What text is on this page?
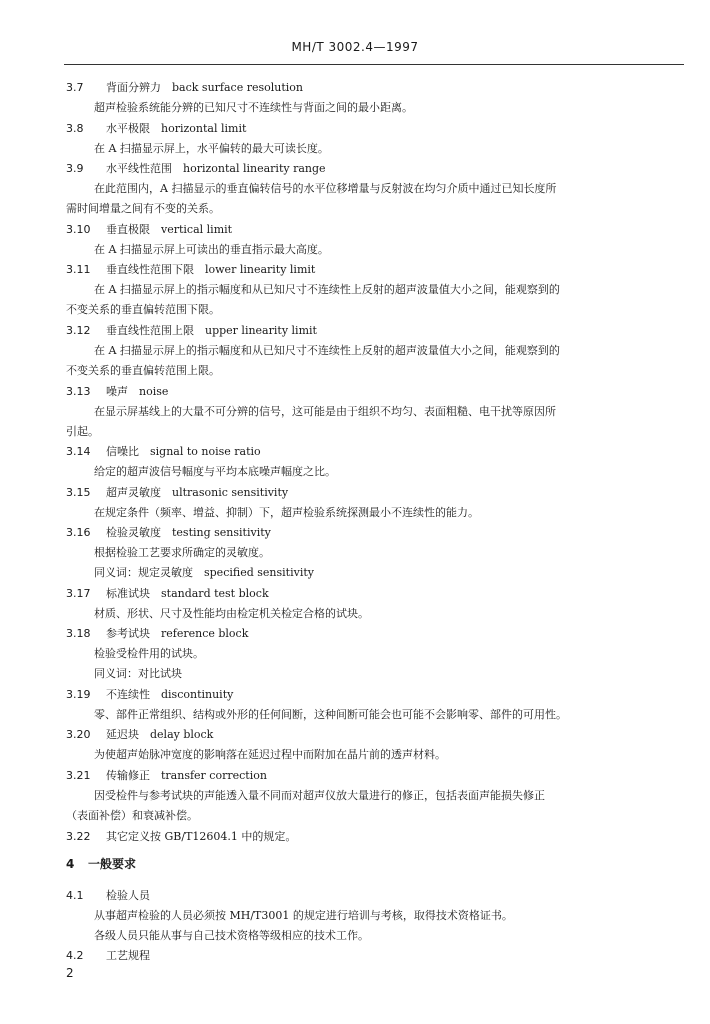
MH/T 3002.4—1997
3.7 背面分辨力　back surface resolution
超声检验系统能分辨的已知尺寸不连续性与背面之间的最小距离。
3.8 水平极限　horizontal limit
在 A 扫描显示屏上，水平偏转的最大可读长度。
3.9 水平线性范围　horizontal linearity range
在此范围内，A 扫描显示的垂直偏转信号的水平位移增量与反射波在均匀介质中通过已知长度所
需时间增量之间有不变的关系。
3.10 垂直极限　vertical limit
在 A 扫描显示屏上可读出的垂直指示最大高度。
3.11 垂直线性范围下限　lower linearity limit
在 A 扫描显示屏上的指示幅度和从已知尺寸不连续性上反射的超声波量值大小之间，能观察到的
不变关系的垂直偏转范围下限。
3.12 垂直线性范围上限　upper linearity limit
在 A 扫描显示屏上的指示幅度和从已知尺寸不连续性上反射的超声波量值大小之间，能观察到的
不变关系的垂直偏转范围上限。
3.13 噪声　noise
在显示屏基线上的大量不可分辨的信号，这可能是由于组织不均匀、表面粗糙、电干扰等原因所
引起。
3.14 信噪比　signal to noise ratio
给定的超声波信号幅度与平均本底噪声幅度之比。
3.15 超声灵敏度　ultrasonic sensitivity
在规定条件（频率、增益、抑制）下，超声检验系统探测最小不连续性的能力。
3.16 检验灵敏度　testing sensitivity
根据检验工艺要求所确定的灵敏度。
同义词：规定灵敏度　specified sensitivity
3.17 标准试块　standard test block
材质、形状、尺寸及性能均由检定机关检定合格的试块。
3.18 参考试块　reference block
检验受检件用的试块。
同义词：对比试块
3.19 不连续性　discontinuity
零、部件正常组织、结构或外形的任何间断，这种间断可能会也可能不会影响零、部件的可用性。
3.20 延迟块　delay block
为使超声始脉冲宽度的影响落在延迟过程中而附加在晶片前的透声材料。
3.21 传输修正　transfer correction
因受检件与参考试块的声能透入量不同而对超声仪放大量进行的修正，包括表面声能损失修正
（表面补偿）和衰减补偿。
3.22 其它定义按 GB/T12604.1 中的规定。
4 一般要求
4.1 检验人员
从事超声检验的人员必须按 MH/T3001 的规定进行培训与考核，取得技术资格证书。
各级人员只能从事与自己技术资格等级相应的技术工作。
4.2 工艺规程
2
